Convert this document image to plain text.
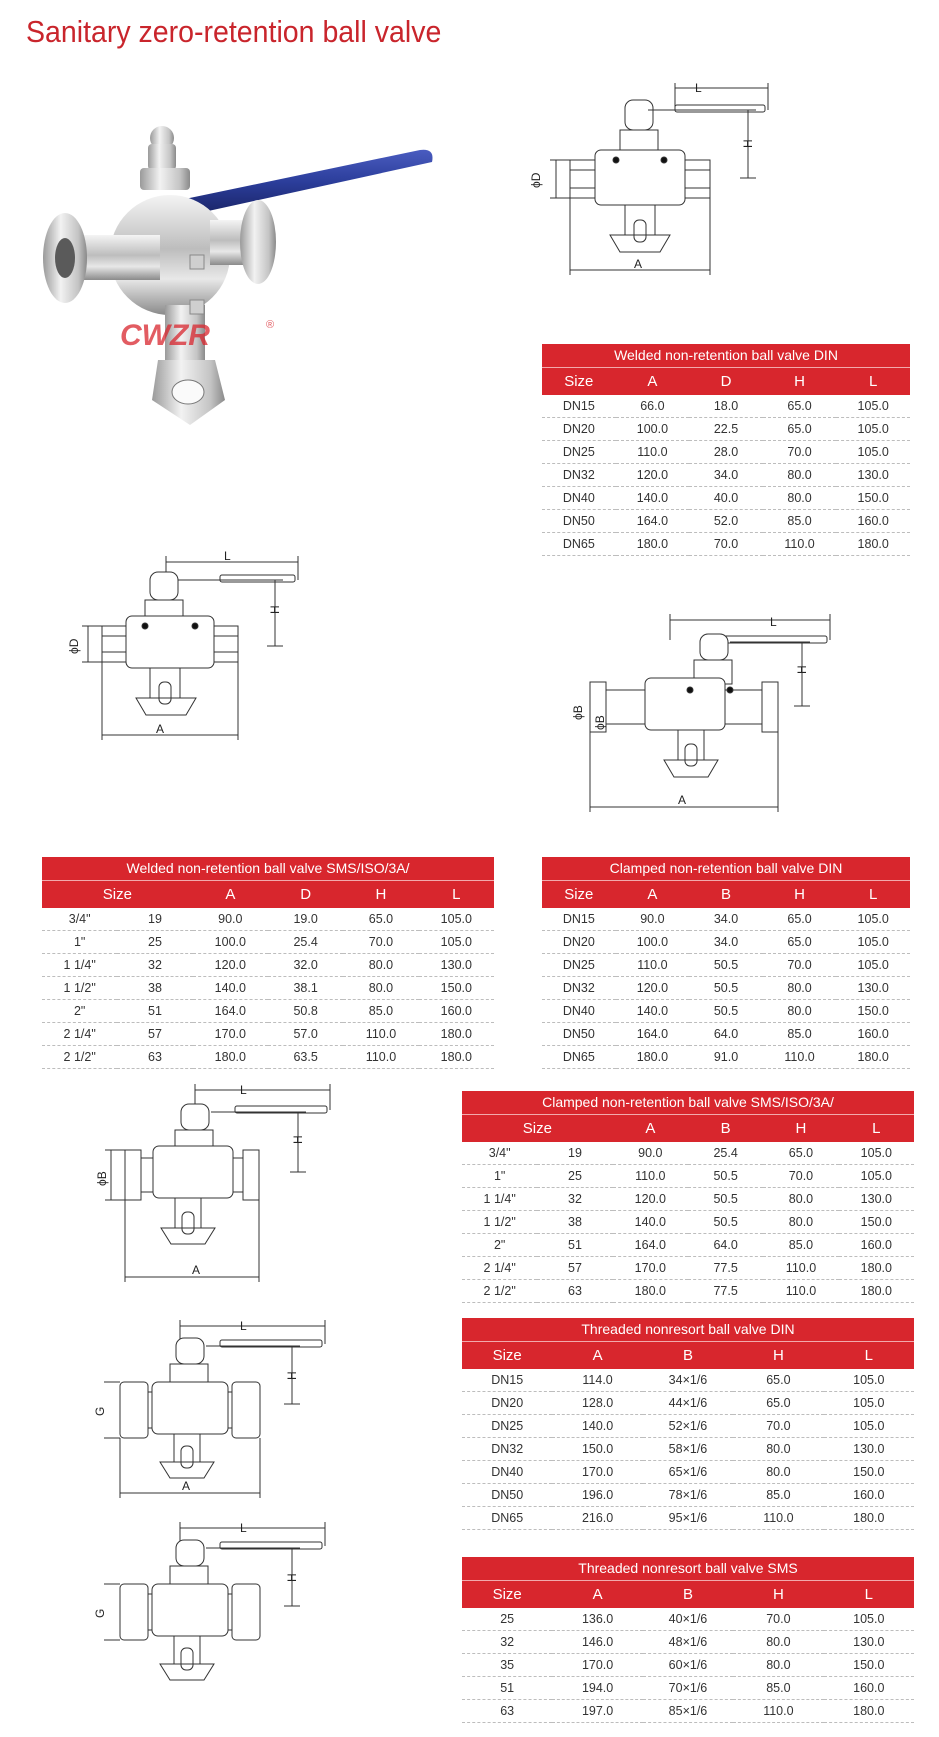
Sanitary zero-retention ball valve
CWZR	®
L
H
ϕD
A
L
H
ϕD
A
L
H
ϕB
A
ϕB
L
H
ϕB
A
L
H
G
A
L
H
G
Welded non-retention ball valve DIN
Size	A	D	H	L
DN15	66.0	18.0	65.0	105.0
DN20	100.0	22.5	65.0	105.0
DN25	110.0	28.0	70.0	105.0
DN32	120.0	34.0	80.0	130.0
DN40	140.0	40.0	80.0	150.0
DN50	164.0	52.0	85.0	160.0
DN65	180.0	70.0	110.0	180.0
Welded non-retention ball valve SMS/ISO/3A/
Size		A	D	H	L
3/4"	19	90.0	19.0	65.0	105.0
1"	25	100.0	25.4	70.0	105.0
1 1/4"	32	120.0	32.0	80.0	130.0
1 1/2"	38	140.0	38.1	80.0	150.0
2"	51	164.0	50.8	85.0	160.0
2 1/4"	57	170.0	57.0	110.0	180.0
2 1/2"	63	180.0	63.5	110.0	180.0
Clamped non-retention ball valve DIN
Size	A	B	H	L
DN15	90.0	34.0	65.0	105.0
DN20	100.0	34.0	65.0	105.0
DN25	110.0	50.5	70.0	105.0
DN32	120.0	50.5	80.0	130.0
DN40	140.0	50.5	80.0	150.0
DN50	164.0	64.0	85.0	160.0
DN65	180.0	91.0	110.0	180.0
Clamped non-retention ball valve SMS/ISO/3A/
Size		A	B	H	L
3/4"	19	90.0	25.4	65.0	105.0
1"	25	110.0	50.5	70.0	105.0
1 1/4"	32	120.0	50.5	80.0	130.0
1 1/2"	38	140.0	50.5	80.0	150.0
2"	51	164.0	64.0	85.0	160.0
2 1/4"	57	170.0	77.5	110.0	180.0
2 1/2"	63	180.0	77.5	110.0	180.0
Threaded nonresort ball valve DIN
Size	A	B	H	L
DN15	114.0	34×1/6	65.0	105.0
DN20	128.0	44×1/6	65.0	105.0
DN25	140.0	52×1/6	70.0	105.0
DN32	150.0	58×1/6	80.0	130.0
DN40	170.0	65×1/6	80.0	150.0
DN50	196.0	78×1/6	85.0	160.0
DN65	216.0	95×1/6	110.0	180.0
Threaded nonresort ball valve SMS
Size	A	B	H	L
25	136.0	40×1/6	70.0	105.0
32	146.0	48×1/6	80.0	130.0
35	170.0	60×1/6	80.0	150.0
51	194.0	70×1/6	85.0	160.0
63	197.0	85×1/6	110.0	180.0
